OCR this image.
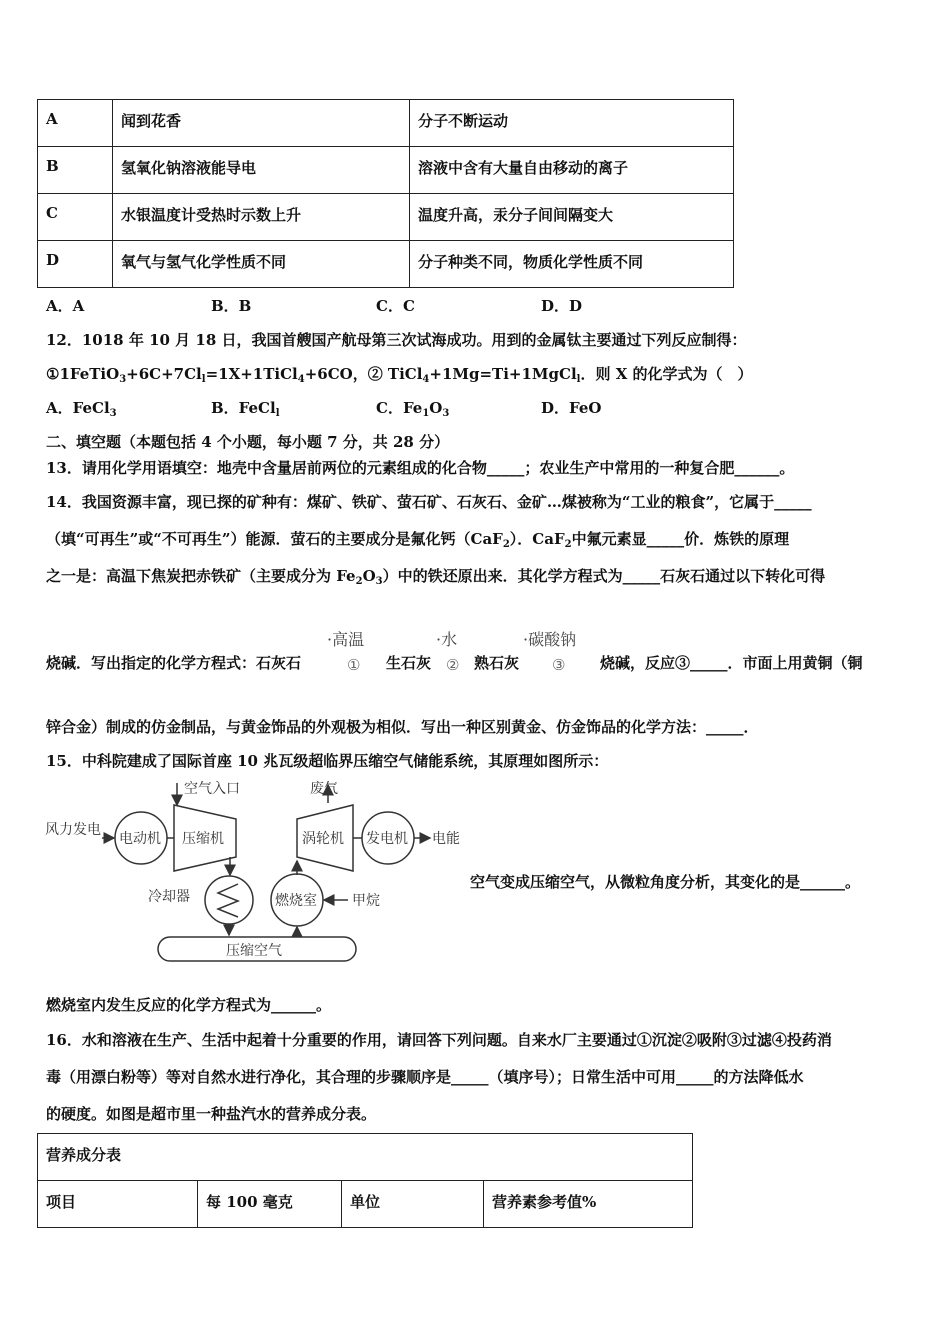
A	闻到花香	分子不断运动
B	氢氧化钠溶液能导电	溶液中含有大量自由移动的离子
C	水银温度计受热时示数上升	温度升高，汞分子间间隔变大
D	氧气与氢气化学性质不同	分子种类不同，物质化学性质不同
A．A	B．B	C．C	D．D
12．1018 年 10 月 18 日，我国首艘国产航母第三次试海成功。用到的金属钛主要通过下列反应制得：
$①1FeTiO_3+6C+7Cl_l=1X+1TiCl_4+6CO$，② TiCl$_4$+1Mg=Ti+1MgCl$_l$．则 X 的化学式为（　）
A．FeCl$_3$	B．FeCl$_l$	C．$Fe_1O_3$	D．FeO
二、填空题（本题包括 4 个小题，每小题 7 分，共 28 分）
13．请用化学用语填空：地壳中含量居前两位的元素组成的化合物_____；农业生产中常用的一种复合肥______。
14．我国资源丰富，现已探的矿种有：煤矿、铁矿、萤石矿、石灰石、金矿…煤被称为“工业的粮食”，它属于_____
（填“可再生”或“不可再生”）能源．萤石的主要成分是氟化钙（CaF$_2$）．CaF$_2$中氟元素显_____价．炼铁的原理
之一是：高温下焦炭把赤铁矿（主要成分为 $Fe_2O_3$）中的铁还原出来．其化学方程式为_____石灰石通过以下转化可得
·高温	·水	·碳酸钠
烧碱．写出指定的化学方程式：石灰石	① 生石灰 ② 熟石灰 ③ 烧碱，反应③_____．市面上用黄铜（铜
锌合金）制成的仿金制品，与黄金饰品的外观极为相似．写出一种区别黄金、仿金饰品的化学方法：_____．
15．中科院建成了国际首座 10 兆瓦级超临界压缩空气储能系统，其原理如图所示：
空气入口	废气
风力发电
电动机 压缩机	涡轮机 发电机 电能
冷却器	燃烧室	甲烷
压缩空气
空气变成压缩空气，从微粒角度分析，其变化的是______。
燃烧室内发生反应的化学方程式为______。
16．水和溶液在生产、生活中起着十分重要的作用，请回答下列问题。自来水厂主要通过①沉淀②吸附③过滤④投药消
毒（用漂白粉等）等对自然水进行净化，其合理的步骤顺序是_____（填序号）；日常生活中可用_____的方法降低水
的硬度。如图是超市里一种盐汽水的营养成分表。
营养成分表
项目	每 100 毫克	单位	营养素参考值%
